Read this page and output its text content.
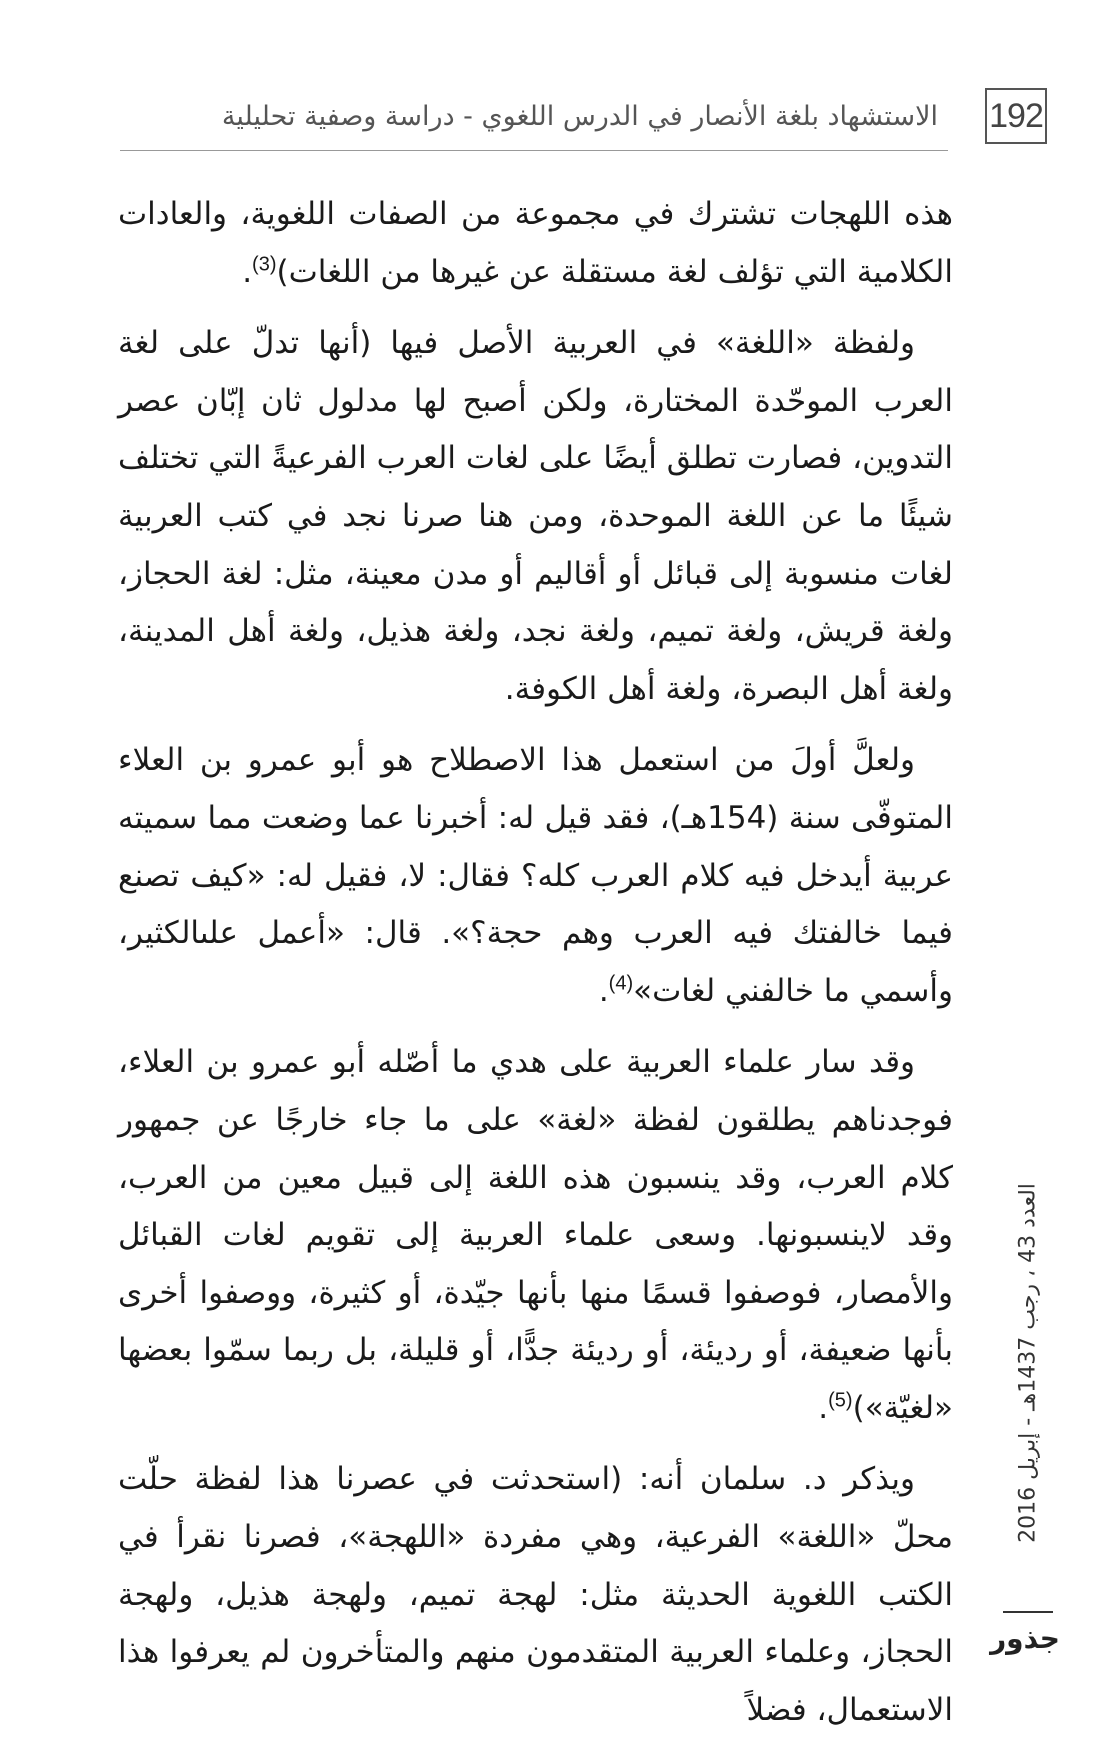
192
الاستشهاد بلغة الأنصار في الدرس اللغوي - دراسة وصفية تحليلية

هذه اللهجات تشترك في مجموعة من الصفات اللغوية، والعادات الكلامية التي تؤلف لغة مستقلة عن غيرها من اللغات)$^{(3)}$.

ولفظة «اللغة» في العربية الأصل فيها (أنها تدلّ على لغة العرب الموحّدة المختارة، ولكن أصبح لها مدلول ثان إبّان عصر التدوين، فصارت تطلق أيضًا على لغات العرب الفرعيةً التي تختلف شيئًا ما عن اللغة الموحدة، ومن هنا صرنا نجد في كتب العربية لغات منسوبة إلى قبائل أو أقاليم أو مدن معينة، مثل: لغة الحجاز، ولغة قريش، ولغة تميم، ولغة نجد، ولغة هذيل، ولغة أهل المدينة، ولغة أهل البصرة، ولغة أهل الكوفة.

ولعلَّ أولَ من استعمل هذا الاصطلاح هو أبو عمرو بن العلاء المتوفّى سنة (154هـ)، فقد قيل له: أخبرنا عما وضعت مما سميته عربية أيدخل فيه كلام العرب كله؟ فقال: لا، فقيل له: «كيف تصنع فيما خالفتك فيه العرب وهم حجة؟». قال: «أعمل علىالكثير، وأسمي ما خالفني لغات»$^{(4)}$.

وقد سار علماء العربية على هدي ما أصّله أبو عمرو بن العلاء، فوجدناهم يطلقون لفظة «لغة» على ما جاء خارجًا عن جمهور كلام العرب، وقد ينسبون هذه اللغة إلى قبيل معين من العرب، وقد لاينسبونها. وسعى علماء العربية إلى تقويم لغات القبائل والأمصار، فوصفوا قسمًا منها بأنها جيّدة، أو كثيرة، ووصفوا أخرى بأنها ضعيفة، أو رديئة، أو رديئة جدًّا، أو قليلة، بل ربما سمّوا بعضها «لغيّة»)$^{(5)}$.

ويذكر د. سلمان أنه: (استحدثت في عصرنا هذا لفظة حلّت محلّ «اللغة» الفرعية، وهي مفردة «اللهجة»، فصرنا نقرأ في الكتب اللغوية الحديثة مثل: لهجة تميم، ولهجة هذيل، ولهجة الحجاز، وعلماء العربية المتقدمون منهم والمتأخرون لم يعرفوا هذا الاستعمال، فضلاً

العدد 43 ، رجب 1437هـ - إبريل 2016
جذور
